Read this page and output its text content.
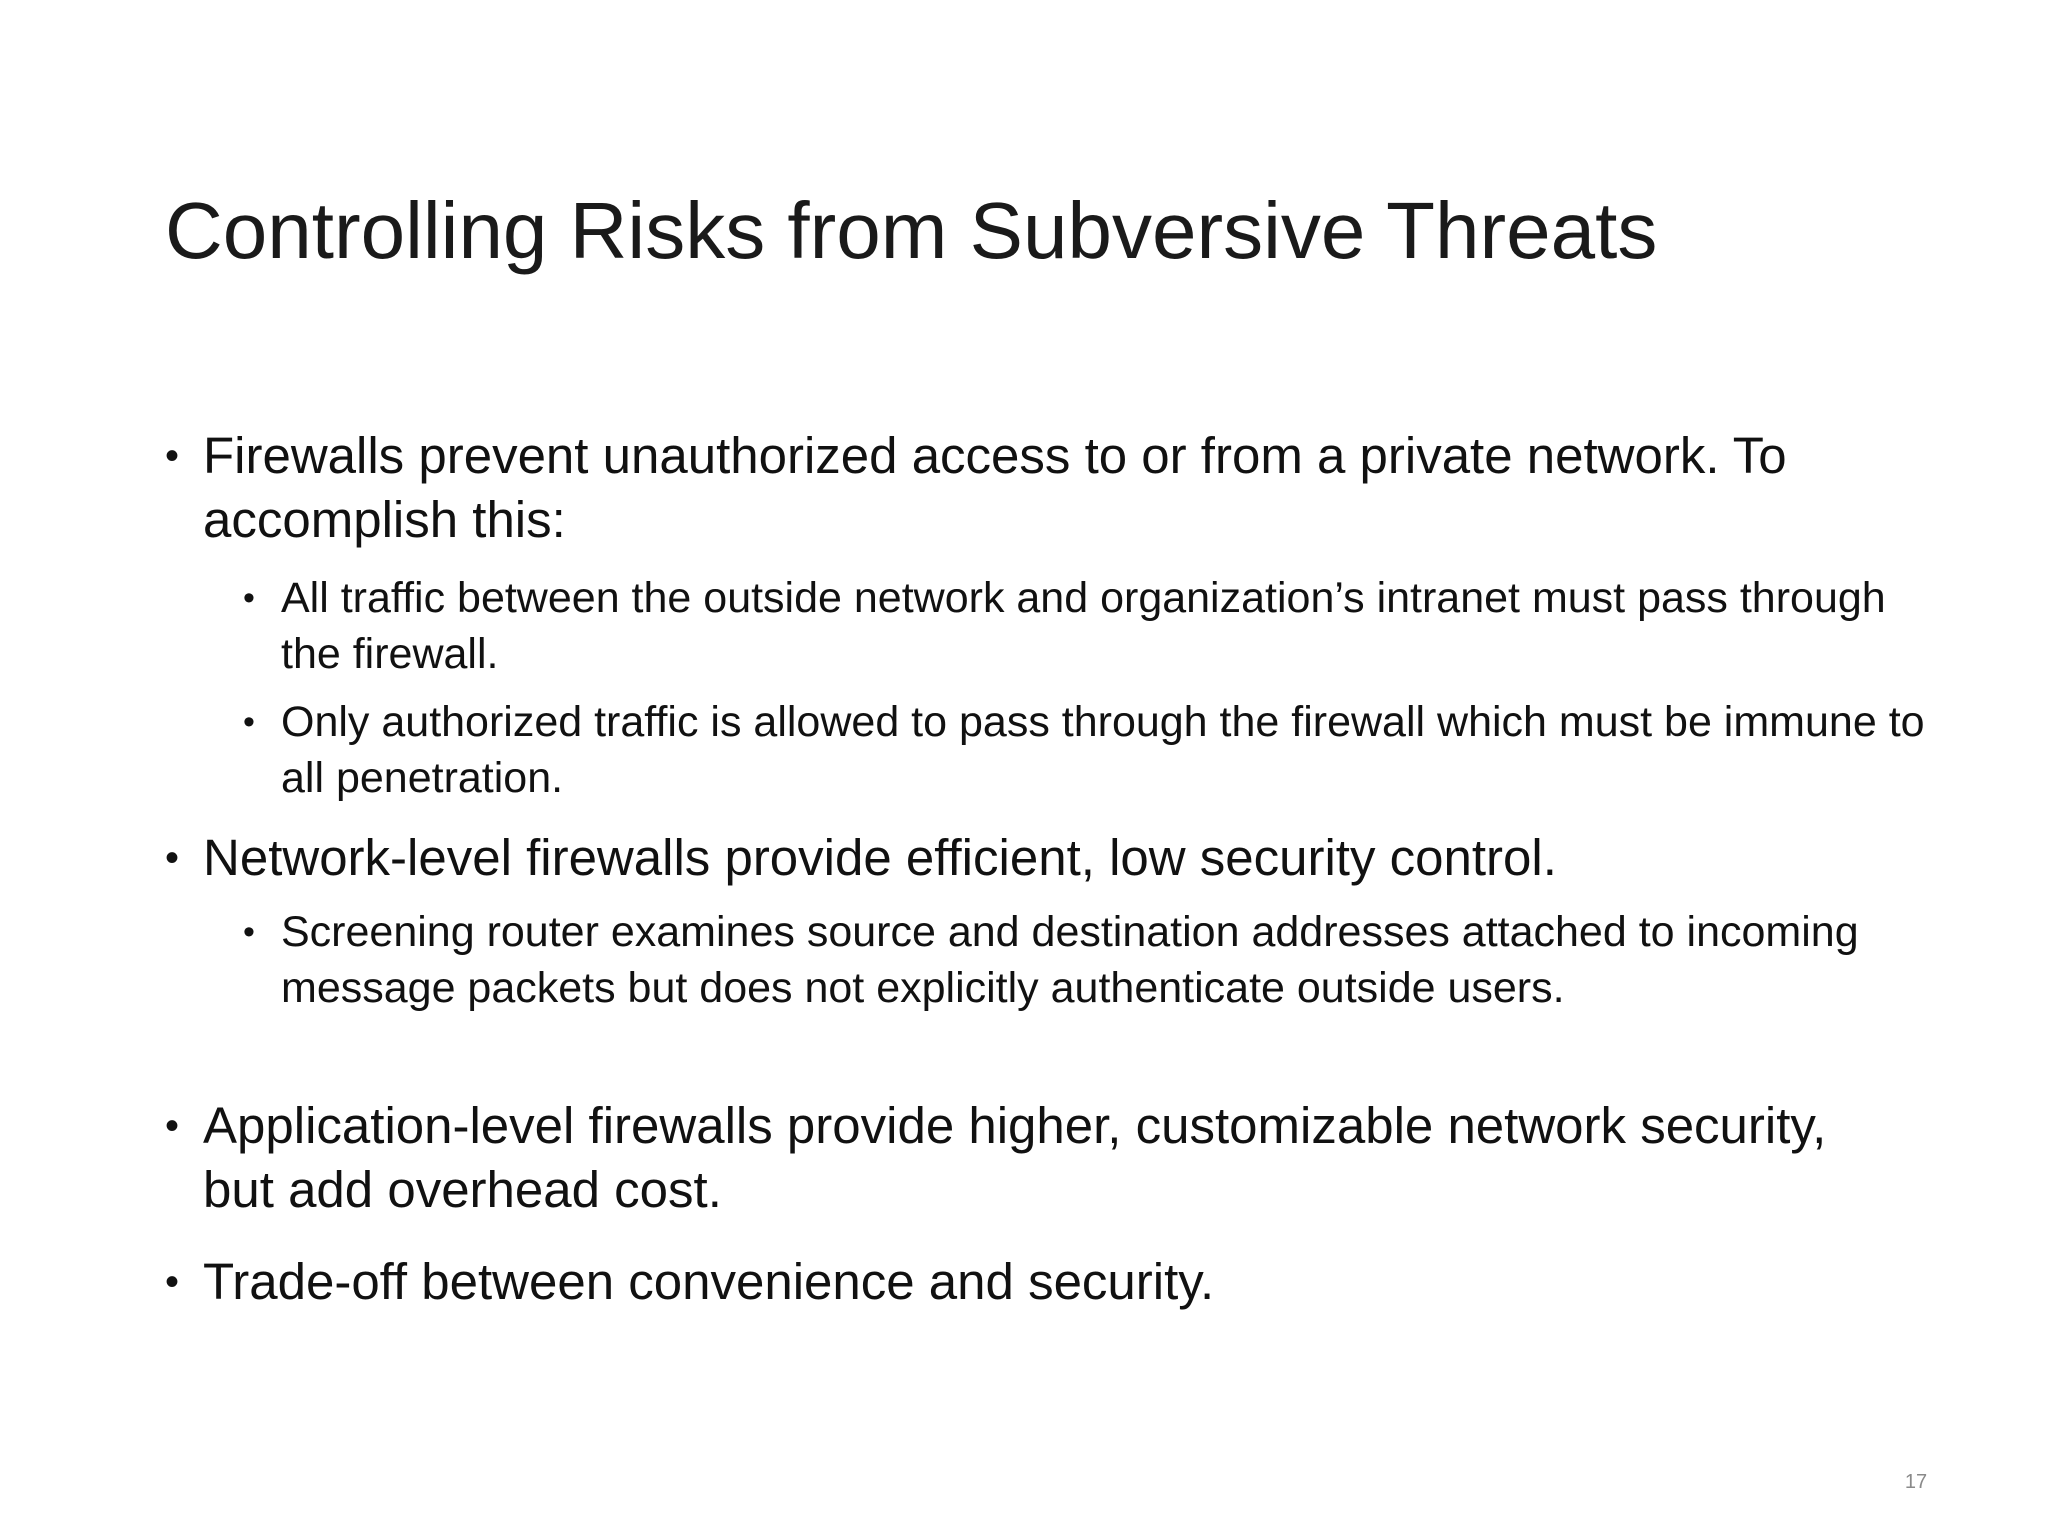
Controlling Risks from Subversive Threats
• Firewalls prevent unauthorized access to or from a private network. To accomplish this:
• All traffic between the outside network and organization’s intranet must pass through the firewall.
• Only authorized traffic is allowed to pass through the firewall which must be immune to all penetration.
• Network-level firewalls provide efficient, low security control.
• Screening router examines source and destination addresses attached to incoming message packets but does not explicitly authenticate outside users.
• Application-level firewalls provide higher, customizable network security, but add overhead cost.
• Trade-off between convenience and security.
17
